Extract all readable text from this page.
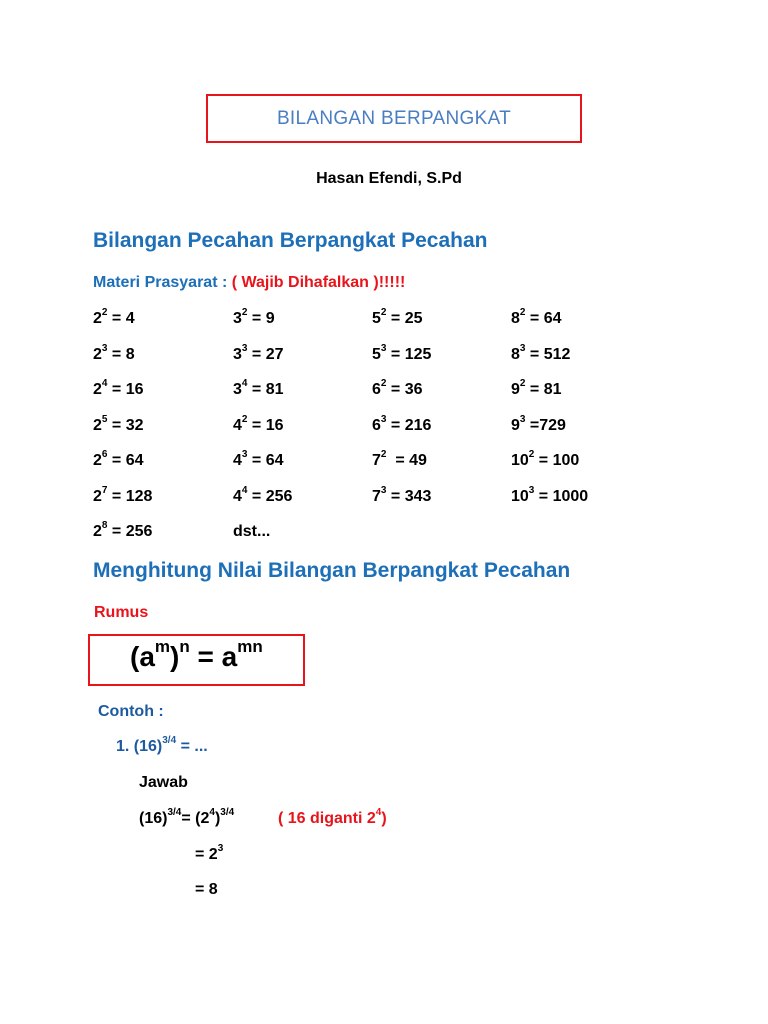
BILANGAN BERPANGKAT
Hasan Efendi, S.Pd
Bilangan Pecahan Berpangkat Pecahan
Materi Prasyarat : ( Wajib Dihafalkan )!!!!!
$2^2 = 4$
$2^3 = 8$
$2^4 = 16$
$2^5 = 32$
$2^6 = 64$
$2^7 = 128$
$2^8 = 256$
$3^2 = 9$
$3^3 = 27$
$3^4 = 81$
$4^2 = 16$
$4^3 = 64$
$4^4 = 256$
dst...
$5^2 = 25$
$5^3 = 125$
$6^2 = 36$
$6^3 = 216$
$7^2 = 49$
$7^3 = 343$
$8^2 = 64$
$8^3 = 512$
$9^2 = 81$
$9^3 =729$
$10^2 = 100$
$10^3 = 1000$
Menghitung Nilai Bilangan Berpangkat Pecahan
Rumus
$(a^m)^n = a^{mn}$
Contoh :
1. $(16)^{3/4}$ = ...
Jawab
$(16)^{3/4}= (2^4)^{3/4}$	( 16 diganti $2^4$)
= $2^3$
= 8
